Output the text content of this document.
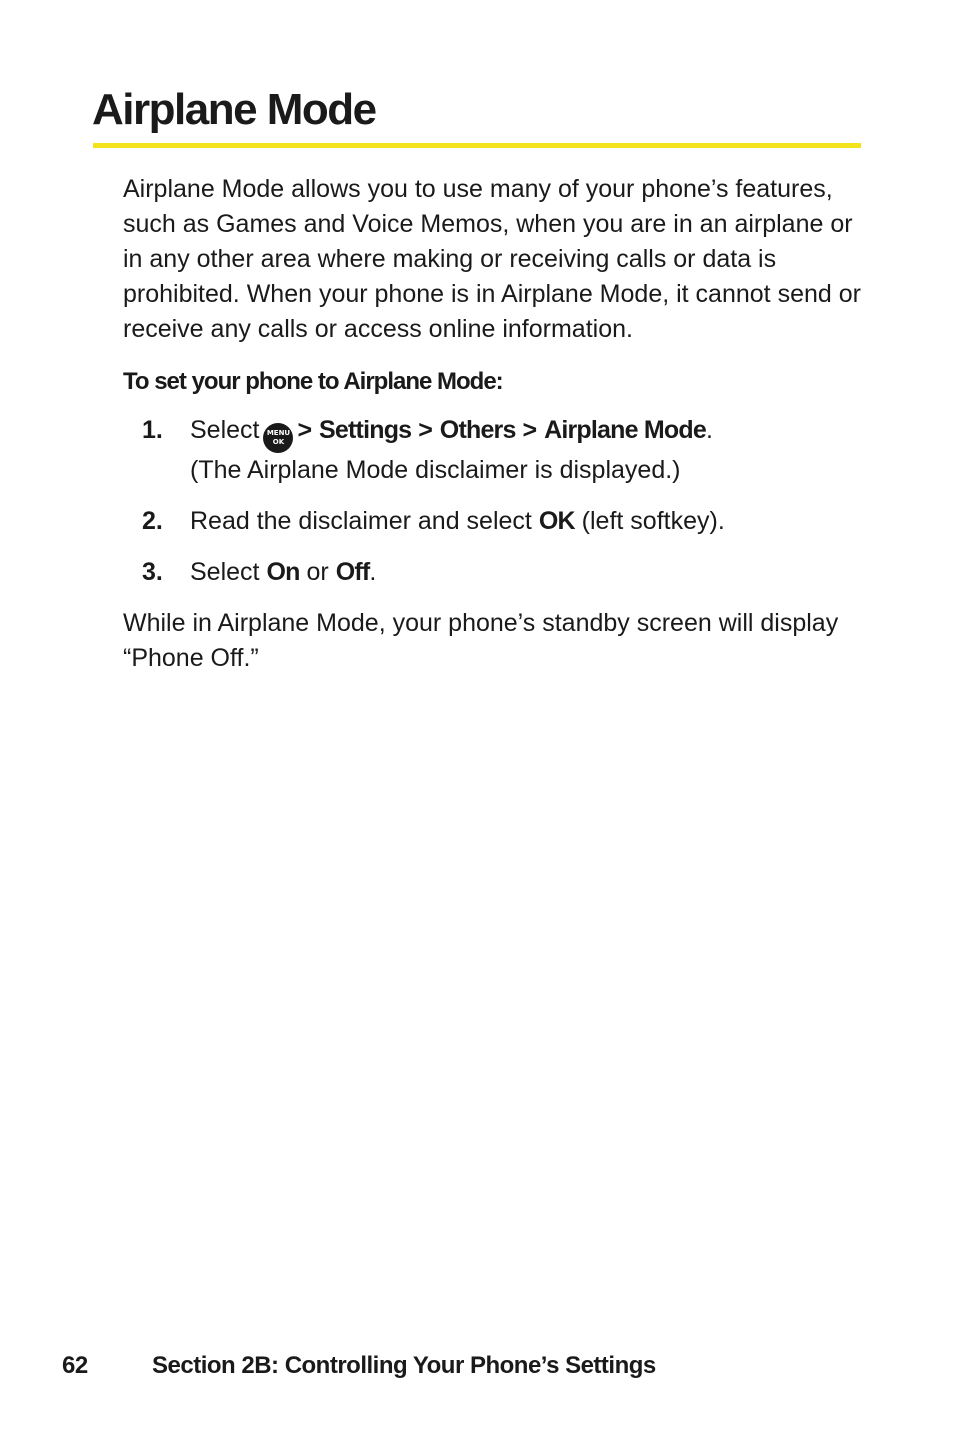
Airplane Mode

Airplane Mode allows you to use many of your phone’s features, such as Games and Voice Memos, when you are in an airplane or in any other area where making or receiving calls or data is prohibited. When your phone is in Airplane Mode, it cannot send or receive any calls or access online information.

To set your phone to Airplane Mode:

1. Select	MENU
OK > Settings > Others > Airplane Mode.
(The Airplane Mode disclaimer is displayed.)
2. Read the disclaimer and select OK (left softkey).
3. Select On or Off.

While in Airplane Mode, your phone’s standby screen will display “Phone Off.”

62	Section 2B: Controlling Your Phone’s Settings
